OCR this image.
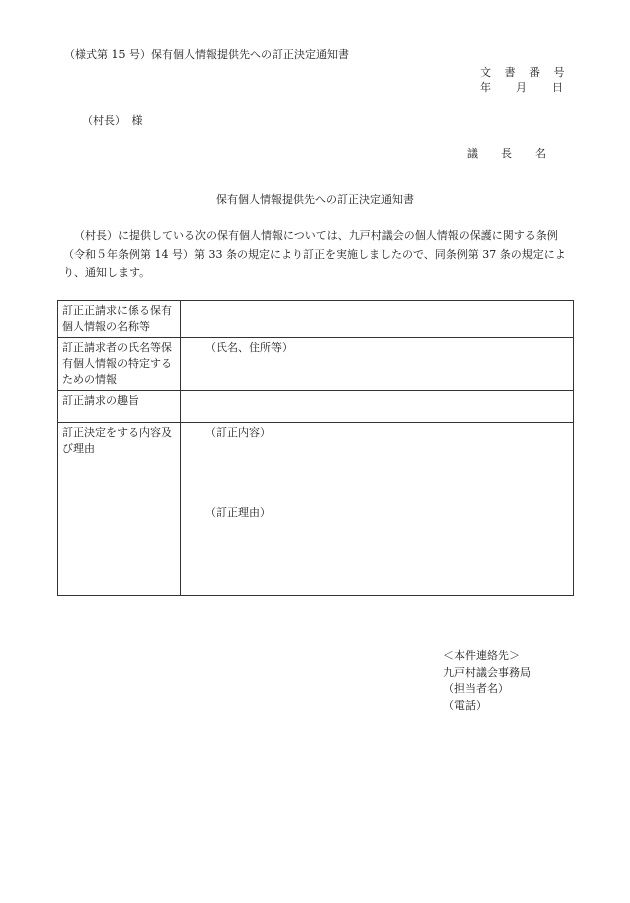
（様式第 15 号）保有個人情報提供先への訂正決定通知書
文 書 番 号
年　　月　　日
（村長）　様
議　長　名
保有個人情報提供先への訂正決定通知書
（村長）に提供している次の保有個人情報については、九戸村議会の個人情報の保護に関する条例（令和５年条例第 14 号）第 33 条の規定により訂正を実施しましたので、同条例第 37 条の規定により、通知します。
訂正正請求に係る保有個人情報の名称等	
訂正請求者の氏名等保有個人情報の特定するための情報	（氏名、住所等）
訂正請求の趣旨	
訂正決定をする内容及び理由	（訂正内容）
（訂正理由）
＜本件連絡先＞
九戸村議会事務局
（担当者名）
（電話）
